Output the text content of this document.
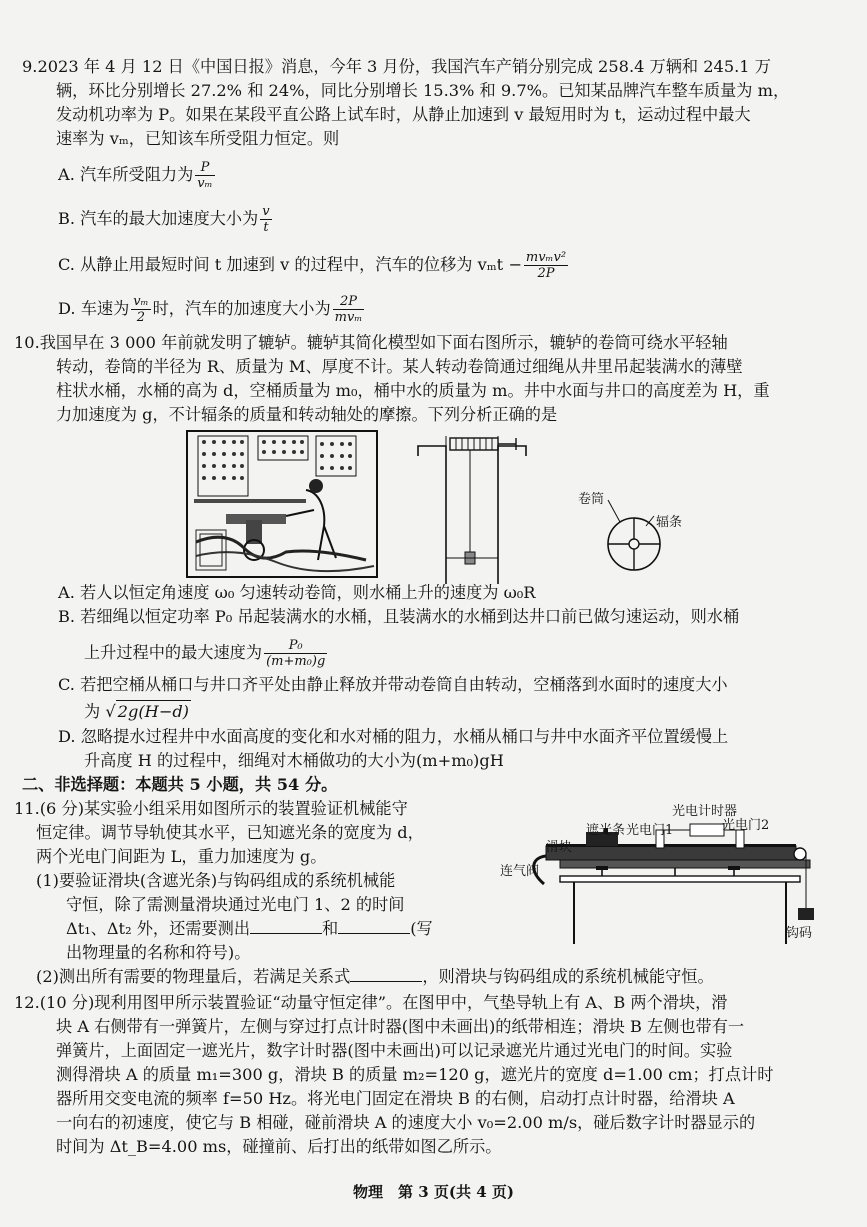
9.2023 年 4 月 12 日《中国日报》消息，今年 3 月份，我国汽车产销分别完成 258.4 万辆和 245.1 万
辆，环比分别增长 27.2% 和 24%，同比分别增长 15.3% 和 9.7%。已知某品牌汽车整车质量为 m，
发动机功率为 P。如果在某段平直公路上试车时，从静止加速到 v 最短用时为 t，运动过程中最大
速率为 vₘ，已知该车所受阻力恒定。则
A. 汽车所受阻力为 $\frac{P}{\text{vₘ}}$
B. 汽车的最大加速度大小为 $\frac{v}{t}$
C. 从静止用最短时间 t 加速到 v 的过程中，汽车的位移为 $v_mt - \frac{\text{mvₘv²}}{2P}$
D. 车速为 $\frac{\text{vₘ}}{2}$ 时，汽车的加速度大小为 $\frac{2P}{\text{mvₘ}}$
10.我国早在 3 000 年前就发明了辘轳。辘轳其简化模型如下面右图所示，辘轳的卷筒可绕水平轻轴
转动，卷筒的半径为 R、质量为 M、厚度不计。某人转动卷筒通过细绳从井里吊起装满水的薄壁
柱状水桶，水桶的高为 d，空桶质量为 m₀，桶中水的质量为 m。井中水面与井口的高度差为 H，重
力加速度为 g，不计辐条的质量和转动轴处的摩擦。下列分析正确的是
卷筒
辐条
A. 若人以恒定角速度 ω₀ 匀速转动卷筒，则水桶上升的速度为 ω₀R
B. 若细绳以恒定功率 P₀ 吊起装满水的水桶，且装满水的水桶到达井口前已做匀速运动，则水桶
上升过程中的最大速度为 $\frac{\text{P₀}}{\text{(m+m₀)g}}$
C. 若把空桶从桶口与井口齐平处由静止释放并带动卷筒自由转动，空桶落到水面时的速度大小
为 √ 2g(H−d)
D. 忽略提水过程井中水面高度的变化和水对桶的阻力，水桶从桶口与井中水面齐平位置缓慢上
升高度 H 的过程中，细绳对木桶做功的大小为(m+m₀)gH
二、非选择题：本题共 5 小题，共 54 分。
11.(6 分)某实验小组采用如图所示的装置验证机械能守
恒定律。调节导轨使其水平，已知遮光条的宽度为 d，
两个光电门间距为 L，重力加速度为 g。
(1)要验证滑块(含遮光条)与钩码组成的系统机械能
守恒，除了需测量滑块通过光电门 1、2 的时间
Δt₁、Δt₂ 外，还需要测出	和	(写
出物理量的名称和符号)。
(2)测出所有需要的物理量后，若满足关系式	，则滑块与钩码组成的系统机械能守恒。
遮光条 光电门1
光电计时器
光电门2
滑块
连气阀
钩码
12.(10 分)现利用图甲所示装置验证“动量守恒定律”。在图甲中，气垫导轨上有 A、B 两个滑块，滑
块 A 右侧带有一弹簧片，左侧与穿过打点计时器(图中未画出)的纸带相连；滑块 B 左侧也带有一
弹簧片，上面固定一遮光片，数字计时器(图中未画出)可以记录遮光片通过光电门的时间。实验
测得滑块 A 的质量 m₁=300 g，滑块 B 的质量 m₂=120 g，遮光片的宽度 d=1.00 cm；打点计时
器所用交变电流的频率 f=50 Hz。将光电门固定在滑块 B 的右侧，启动打点计时器，给滑块 A
一向右的初速度，使它与 B 相碰，碰前滑块 A 的速度大小 v₀=2.00 m/s，碰后数字计时器显示的
时间为 Δt_B=4.00 ms，碰撞前、后打出的纸带如图乙所示。
物理　第 3 页(共 4 页)
